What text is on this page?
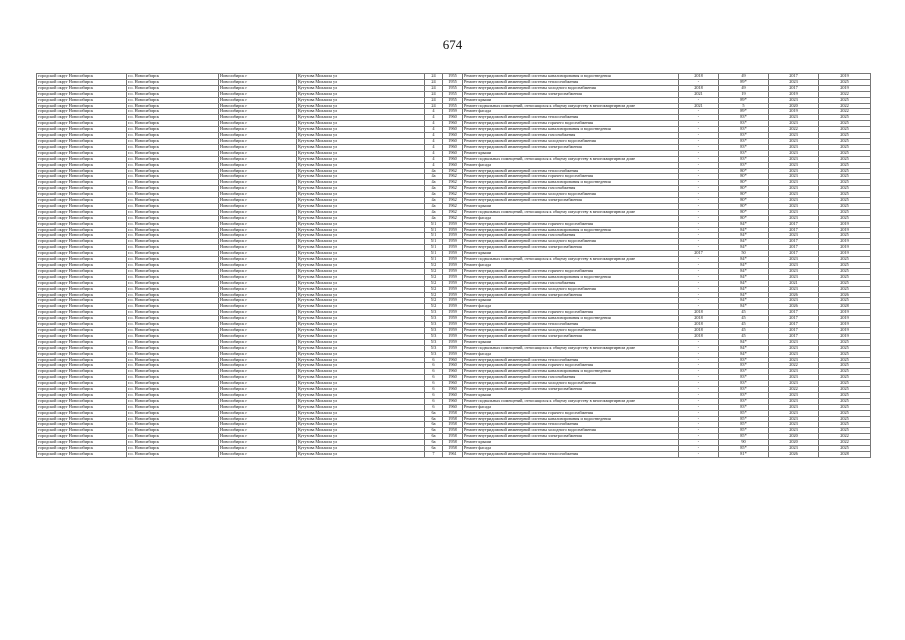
674
городской округ Новосибирск	г.о. Новосибирск	Новосибирск г	Кутузова Михаила ул	24	1955	Ремонт внутридомовой инженерной системы канализирования и водоотведения	2018	49	2017	2019
городской округ Новосибирск	г.о. Новосибирск	Новосибирск г	Кутузова Михаила ул	24	1955	Ремонт внутридомовой инженерной системы теплоснабжения	-	89*	2023	2025
городской округ Новосибирск	г.о. Новосибирск	Новосибирск г	Кутузова Михаила ул	24	1955	Ремонт внутридомовой инженерной системы холодного водоснабжения	2018	49	2017	2019
городской округ Новосибирск	г.о. Новосибирск	Новосибирск г	Кутузова Михаила ул	24	1955	Ремонт внутридомовой инженерной системы электроснабжения	2021	19	2019	2022
городской округ Новосибирск	г.о. Новосибирск	Новосибирск г	Кутузова Михаила ул	24	1955	Ремонт крыши	-	89*	2023	2025
городской округ Новосибирск	г.о. Новосибирск	Новосибирск г	Кутузова Михаила ул	24	1955	Ремонт подвальных помещений, относящихся к общему имуществу в многоквартирном доме	2021	5	2020	2022
городской округ Новосибирск	г.о. Новосибирск	Новосибирск г	Кутузова Михаила ул	4	1959	Ремонт фасада	-	89*	2019	2022
городской округ Новосибирск	г.о. Новосибирск	Новосибирск г	Кутузова Михаила ул	4	1960	Ремонт внутридомовой инженерной системы теплоснабжения	-	83*	2023	2025
городской округ Новосибирск	г.о. Новосибирск	Новосибирск г	Кутузова Михаила ул	4	1960	Ремонт внутридомовой инженерной системы горячего водоснабжения	-	83*	2023	2025
городской округ Новосибирск	г.о. Новосибирск	Новосибирск г	Кутузова Михаила ул	4	1960	Ремонт внутридомовой инженерной системы канализирования и водоотведения	-	83*	2022	2025
городской округ Новосибирск	г.о. Новосибирск	Новосибирск г	Кутузова Михаила ул	4	1960	Ремонт внутридомовой инженерной системы газоснабжения	-	83*	2023	2025
городской округ Новосибирск	г.о. Новосибирск	Новосибирск г	Кутузова Михаила ул	4	1960	Ремонт внутридомовой инженерной системы холодного водоснабжения	-	83*	2023	2025
городской округ Новосибирск	г.о. Новосибирск	Новосибирск г	Кутузова Михаила ул	4	1960	Ремонт внутридомовой инженерной системы электроснабжения	-	83*	2023	2025
городской округ Новосибирск	г.о. Новосибирск	Новосибирск г	Кутузова Михаила ул	4	1960	Ремонт крыши	-	83*	2023	2025
городской округ Новосибирск	г.о. Новосибирск	Новосибирск г	Кутузова Михаила ул	4	1960	Ремонт подвальных помещений, относящихся к общему имуществу в многоквартирном доме	-	83*	2023	2025
городской округ Новосибирск	г.о. Новосибирск	Новосибирск г	Кутузова Михаила ул	4	1960	Ремонт фасада	-	83*	2023	2025
городской округ Новосибирск	г.о. Новосибирск	Новосибирск г	Кутузова Михаила ул	4а	1962	Ремонт внутридомовой инженерной системы теплоснабжения	-	80*	2023	2025
городской округ Новосибирск	г.о. Новосибирск	Новосибирск г	Кутузова Михаила ул	4а	1962	Ремонт внутридомовой инженерной системы горячего водоснабжения	-	80*	2023	2025
городской округ Новосибирск	г.о. Новосибирск	Новосибирск г	Кутузова Михаила ул	4а	1962	Ремонт внутридомовой инженерной системы канализирования и водоотведения	-	80*	2023	2025
городской округ Новосибирск	г.о. Новосибирск	Новосибирск г	Кутузова Михаила ул	4а	1962	Ремонт внутридомовой инженерной системы газоснабжения	-	80*	2023	2025
городской округ Новосибирск	г.о. Новосибирск	Новосибирск г	Кутузова Михаила ул	4а	1962	Ремонт внутридомовой инженерной системы холодного водоснабжения	-	80*	2023	2025
городской округ Новосибирск	г.о. Новосибирск	Новосибирск г	Кутузова Михаила ул	4а	1962	Ремонт внутридомовой инженерной системы электроснабжения	-	80*	2023	2025
городской округ Новосибирск	г.о. Новосибирск	Новосибирск г	Кутузова Михаила ул	4а	1962	Ремонт крыши	-	80*	2023	2025
городской округ Новосибирск	г.о. Новосибирск	Новосибирск г	Кутузова Михаила ул	4а	1962	Ремонт подвальных помещений, относящихся к общему имуществу в многоквартирном доме	-	80*	2023	2025
городской округ Новосибирск	г.о. Новосибирск	Новосибирск г	Кутузова Михаила ул	4а	1962	Ремонт фасада	-	80*	2023	2025
городской округ Новосибирск	г.о. Новосибирск	Новосибирск г	Кутузова Михаила ул	5/1	1959	Ремонт внутридомовой инженерной системы горячего водоснабжения	-	84*	2017	2019
городской округ Новосибирск	г.о. Новосибирск	Новосибирск г	Кутузова Михаила ул	5/1	1959	Ремонт внутридомовой инженерной системы канализирования и водоотведения	-	84*	2017	2019
городской округ Новосибирск	г.о. Новосибирск	Новосибирск г	Кутузова Михаила ул	5/1	1959	Ремонт внутридомовой инженерной системы газоснабжения	-	84*	2023	2025
городской округ Новосибирск	г.о. Новосибирск	Новосибирск г	Кутузова Михаила ул	5/1	1959	Ремонт внутридомовой инженерной системы холодного водоснабжения	-	84*	2017	2019
городской округ Новосибирск	г.о. Новосибирск	Новосибирск г	Кутузова Михаила ул	5/1	1959	Ремонт внутридомовой инженерной системы электроснабжения	-	84*	2017	2019
городской округ Новосибирск	г.о. Новосибирск	Новосибирск г	Кутузова Михаила ул	5/1	1959	Ремонт крыши	2017	50	2017	2019
городской округ Новосибирск	г.о. Новосибирск	Новосибирск г	Кутузова Михаила ул	5/1	1959	Ремонт подвальных помещений, относящихся к общему имуществу в многоквартирном доме	-	84*	2023	2025
городской округ Новосибирск	г.о. Новосибирск	Новосибирск г	Кутузова Михаила ул	5/2	1959	Ремонт фасада	-	84*	2023	2025
городской округ Новосибирск	г.о. Новосибирск	Новосибирск г	Кутузова Михаила ул	5/2	1959	Ремонт внутридомовой инженерной системы горячего водоснабжения	-	84*	2023	2025
городской округ Новосибирск	г.о. Новосибирск	Новосибирск г	Кутузова Михаила ул	5/2	1959	Ремонт внутридомовой инженерной системы канализирования и водоотведения	-	84*	2023	2025
городской округ Новосибирск	г.о. Новосибирск	Новосибирск г	Кутузова Михаила ул	5/2	1959	Ремонт внутридомовой инженерной системы газоснабжения	-	84*	2021	2025
городской округ Новосибирск	г.о. Новосибирск	Новосибирск г	Кутузова Михаила ул	5/2	1959	Ремонт внутридомовой инженерной системы холодного водоснабжения	-	84*	2023	2025
городской округ Новосибирск	г.о. Новосибирск	Новосибирск г	Кутузова Михаила ул	5/2	1959	Ремонт внутридомовой инженерной системы электроснабжения	-	84*	2026	2026
городской округ Новосибирск	г.о. Новосибирск	Новосибирск г	Кутузова Михаила ул	5/2	1959	Ремонт крыши	-	84*	2023	2025
городской округ Новосибирск	г.о. Новосибирск	Новосибирск г	Кутузова Михаила ул	5/2	1959	Ремонт фасада	-	84*	2026	2028
городской округ Новосибирск	г.о. Новосибирск	Новосибирск г	Кутузова Михаила ул	5/3	1959	Ремонт внутридомовой инженерной системы горячего водоснабжения	2018	45	2017	2019
городской округ Новосибирск	г.о. Новосибирск	Новосибирск г	Кутузова Михаила ул	5/3	1959	Ремонт внутридомовой инженерной системы канализирования и водоотведения	2018	45	2017	2019
городской округ Новосибирск	г.о. Новосибирск	Новосибирск г	Кутузова Михаила ул	5/3	1959	Ремонт внутридомовой инженерной системы теплоснабжения	2018	45	2017	2019
городской округ Новосибирск	г.о. Новосибирск	Новосибирск г	Кутузова Михаила ул	5/3	1959	Ремонт внутридомовой инженерной системы холодного водоснабжения	2018	45	2017	2019
городской округ Новосибирск	г.о. Новосибирск	Новосибирск г	Кутузова Михаила ул	5/3	1959	Ремонт внутридомовой инженерной системы электроснабжения	2018	45	2017	2019
городской округ Новосибирск	г.о. Новосибирск	Новосибирск г	Кутузова Михаила ул	5/3	1959	Ремонт крыши	-	84*	2023	2025
городской округ Новосибирск	г.о. Новосибирск	Новосибирск г	Кутузова Михаила ул	5/3	1959	Ремонт подвальных помещений, относящихся к общему имуществу в многоквартирном доме	-	84*	2023	2025
городской округ Новосибирск	г.о. Новосибирск	Новосибирск г	Кутузова Михаила ул	5/3	1959	Ремонт фасада	-	84*	2023	2025
городской округ Новосибирск	г.о. Новосибирск	Новосибирск г	Кутузова Михаила ул	6	1960	Ремонт внутридомовой инженерной системы теплоснабжения	-	83*	2023	2025
городской округ Новосибирск	г.о. Новосибирск	Новосибирск г	Кутузова Михаила ул	6	1960	Ремонт внутридомовой инженерной системы горячего водоснабжения	-	83*	2022	2025
городской округ Новосибирск	г.о. Новосибирск	Новосибирск г	Кутузова Михаила ул	6	1960	Ремонт внутридомовой инженерной системы канализирования и водоотведения	-	83*	2023	2025
городской округ Новосибирск	г.о. Новосибирск	Новосибирск г	Кутузова Михаила ул	6	1960	Ремонт внутридомовой инженерной системы газоснабжения	-	83*	2023	2025
городской округ Новосибирск	г.о. Новосибирск	Новосибирск г	Кутузова Михаила ул	6	1960	Ремонт внутридомовой инженерной системы холодного водоснабжения	-	83*	2023	2025
городской округ Новосибирск	г.о. Новосибирск	Новосибирск г	Кутузова Михаила ул	6	1960	Ремонт внутридомовой инженерной системы электроснабжения	-	83*	2022	2025
городской округ Новосибирск	г.о. Новосибирск	Новосибирск г	Кутузова Михаила ул	6	1960	Ремонт крыши	-	83*	2023	2025
городской округ Новосибирск	г.о. Новосибирск	Новосибирск г	Кутузова Михаила ул	6	1960	Ремонт подвальных помещений, относящихся к общему имуществу в многоквартирном доме	-	83*	2023	2025
городской округ Новосибирск	г.о. Новосибирск	Новосибирск г	Кутузова Михаила ул	6	1960	Ремонт фасада	-	83*	2023	2025
городской округ Новосибирск	г.о. Новосибирск	Новосибирск г	Кутузова Михаила ул	6а	1958	Ремонт внутридомовой инженерной системы горячего водоснабжения	-	85*	2023	2025
городской округ Новосибирск	г.о. Новосибирск	Новосибирск г	Кутузова Михаила ул	6а	1958	Ремонт внутридомовой инженерной системы канализирования и водоотведения	-	85*	2023	2025
городской округ Новосибирск	г.о. Новосибирск	Новосибирск г	Кутузова Михаила ул	6а	1958	Ремонт внутридомовой инженерной системы теплоснабжения	-	85*	2023	2025
городской округ Новосибирск	г.о. Новосибирск	Новосибирск г	Кутузова Михаила ул	6а	1958	Ремонт внутридомовой инженерной системы холодного водоснабжения	-	85*	2023	2025
городской округ Новосибирск	г.о. Новосибирск	Новосибирск г	Кутузова Михаила ул	6а	1958	Ремонт внутридомовой инженерной системы электроснабжения	-	85*	2020	2022
городской округ Новосибирск	г.о. Новосибирск	Новосибирск г	Кутузова Михаила ул	6а	1958	Ремонт крыши	-	90	2020	2022
городской округ Новосибирск	г.о. Новосибирск	Новосибирск г	Кутузова Михаила ул	6а	1958	Ремонт фасада	-	85*	2023	2025
городской округ Новосибирск	г.о. Новосибирск	Новосибирск г	Кутузова Михаила ул	7	1961	Ремонт внутридомовой инженерной системы теплоснабжения	-	81*	2026	2028
